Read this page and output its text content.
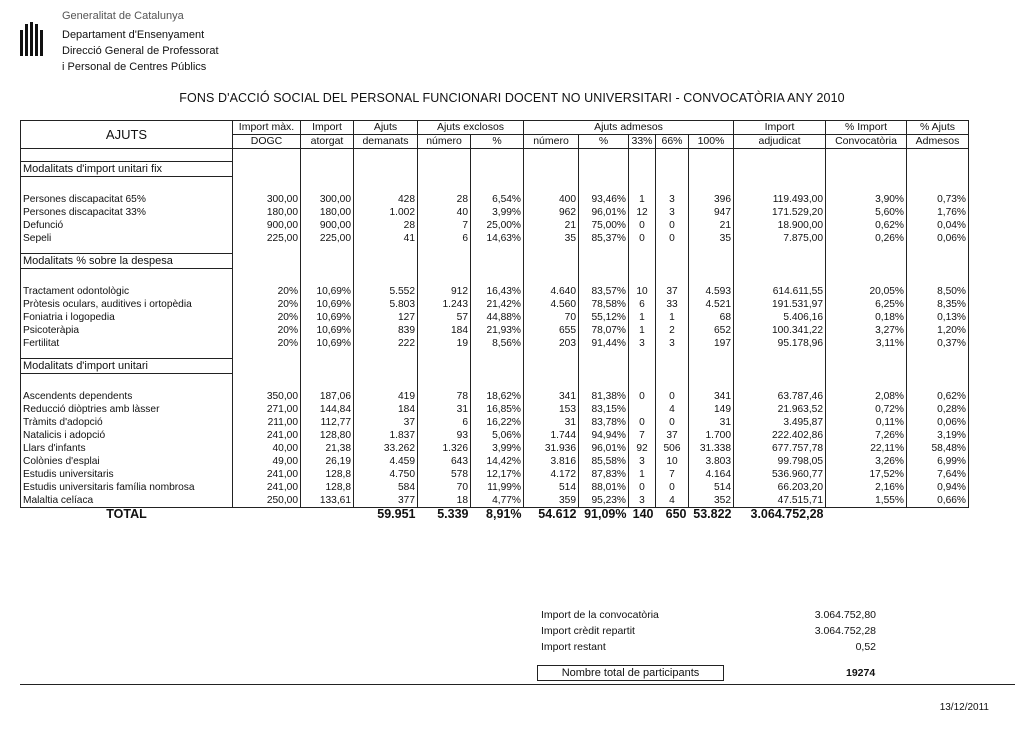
Generalitat de Catalunya
Departament d'Ensenyament
Direcció General de Professorat
i Personal de Centres Públics
FONS D'ACCIÓ SOCIAL DEL PERSONAL FUNCIONARI DOCENT NO UNIVERSITARI - CONVOCATÒRIA ANY 2010
AJUTS	Import màx.	Import	Ajuts	Ajuts exclosos		Ajuts admesos					Import	% Import	% Ajuts
	DOGC	atorgat	demanats	número	%	número	%	33%	66%	100%	adjudicat	Convocatòria	Admesos

Modalitats d'import unitari fix													

Persones discapacitat 65%	300,00	300,00	428	28	6,54%	400	93,46%	1	3	396	119.493,00	3,90%	0,73%
Persones discapacitat 33%	180,00	180,00	1.002	40	3,99%	962	96,01%	12	3	947	171.529,20	5,60%	1,76%
Defunció	900,00	900,00	28	7	25,00%	21	75,00%	0	0	21	18.900,00	0,62%	0,04%
Sepeli	225,00	225,00	41	6	14,63%	35	85,37%	0	0	35	7.875,00	0,26%	0,06%

Modalitats % sobre la despesa													

Tractament odontològic	20%	10,69%	5.552	912	16,43%	4.640	83,57%	10	37	4.593	614.611,55	20,05%	8,50%
Pròtesis oculars, auditives i ortopèdia	20%	10,69%	5.803	1.243	21,42%	4.560	78,58%	6	33	4.521	191.531,97	6,25%	8,35%
Foniatria i logopedia	20%	10,69%	127	57	44,88%	70	55,12%	1	1	68	5.406,16	0,18%	0,13%
Psicoteràpia	20%	10,69%	839	184	21,93%	655	78,07%	1	2	652	100.341,22	3,27%	1,20%
Fertilitat	20%	10,69%	222	19	8,56%	203	91,44%	3	3	197	95.178,96	3,11%	0,37%

Modalitats d'import unitari													

Ascendents dependents	350,00	187,06	419	78	18,62%	341	81,38%	0	0	341	63.787,46	2,08%	0,62%
Reducció diòptries amb làsser	271,00	144,84	184	31	16,85%	153	83,15%		4	149	21.963,52	0,72%	0,28%
Tràmits d'adopció	211,00	112,77	37	6	16,22%	31	83,78%	0	0	31	3.495,87	0,11%	0,06%
Natalicis i adopció	241,00	128,80	1.837	93	5,06%	1.744	94,94%	7	37	1.700	222.402,86	7,26%	3,19%
Llars d'infants	40,00	21,38	33.262	1.326	3,99%	31.936	96,01%	92	506	31.338	677.757,78	22,11%	58,48%
Colònies d'esplai	49,00	26,19	4.459	643	14,42%	3.816	85,58%	3	10	3.803	99.798,05	3,26%	6,99%
Estudis universitaris	241,00	128,8	4.750	578	12,17%	4.172	87,83%	1	7	4.164	536.960,77	17,52%	7,64%
Estudis universitaris família nombrosa	241,00	128,8	584	70	11,99%	514	88,01%	0	0	514	66.203,20	2,16%	0,94%
Malaltia celíaca	250,00	133,61	377	18	4,77%	359	95,23%	3	4	352	47.515,71	1,55%	0,66%
TOTAL			59.951	5.339	8,91%	54.612	91,09%	140	650	53.822	3.064.752,28		
Import de la convocatòria	3.064.752,80
Import crèdit repartit	3.064.752,28
Import restant	0,52
Nombre total de participants	19274
13/12/2011
